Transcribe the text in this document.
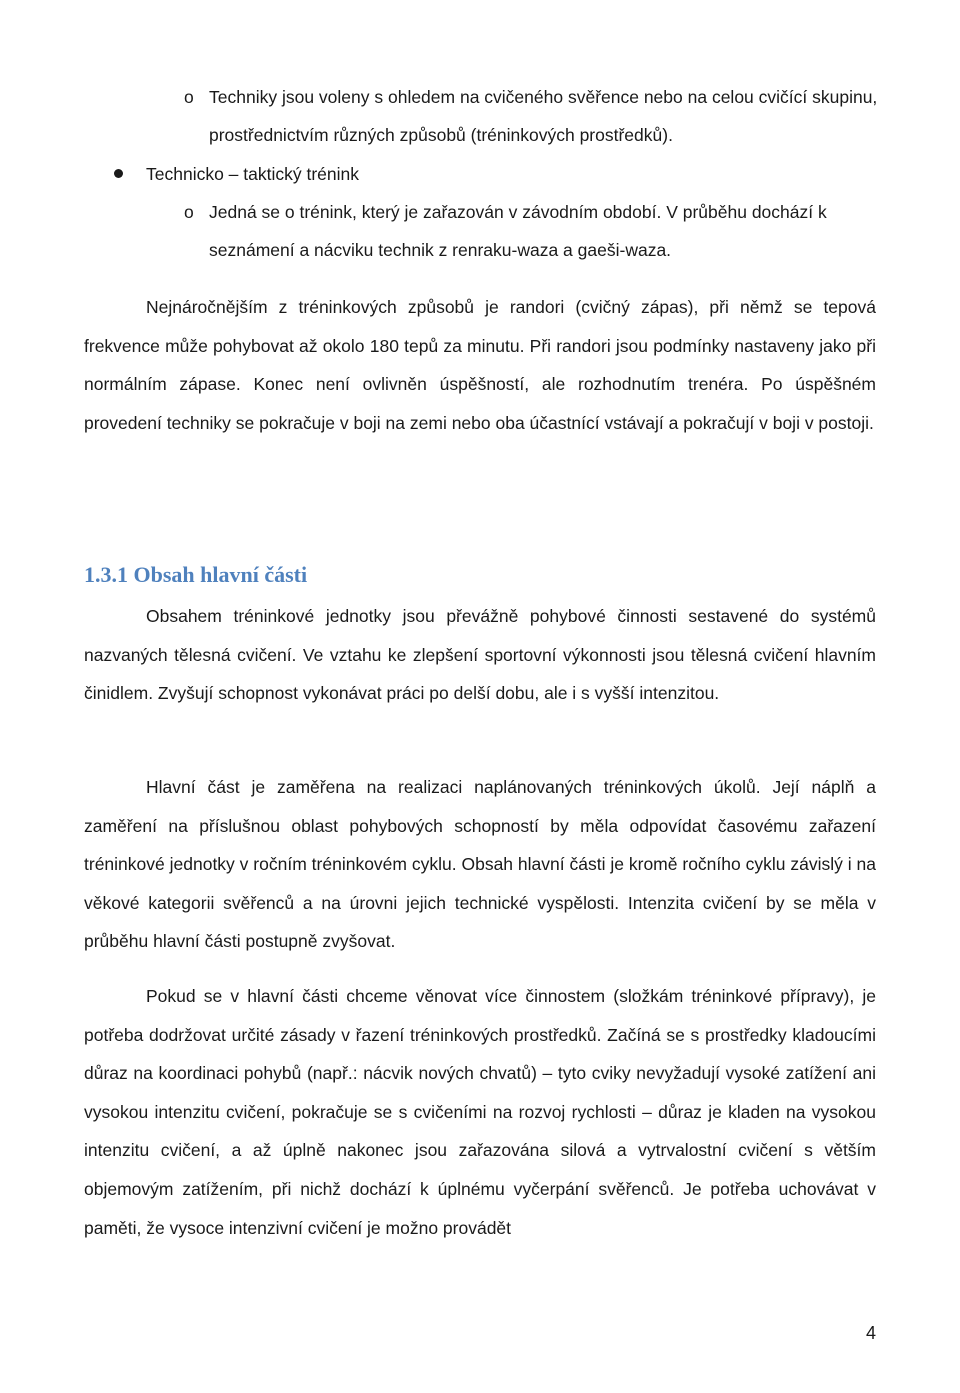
o Techniky jsou voleny s ohledem na cvičeného svěřence nebo na celou cvičící skupinu, prostřednictvím různých způsobů (tréninkových prostředků).
Technicko – taktický trénink
o Jedná se o trénink, který je zařazován v závodním období. V průběhu dochází k seznámení a nácviku technik z renraku-waza a gaeši-waza.

Nejnáročnějším z tréninkových způsobů je randori (cvičný zápas), při němž se tepová frekvence může pohybovat až okolo 180 tepů za minutu. Při randori jsou podmínky nastaveny jako při normálním zápase. Konec není ovlivněn úspěšností, ale rozhodnutím trenéra. Po úspěšném provedení techniky se pokračuje v boji na zemi nebo oba účastnící vstávají a pokračují v boji v postoji.

1.3.1 Obsah hlavní části

Obsahem tréninkové jednotky jsou převážně pohybové činnosti sestavené do systémů nazvaných tělesná cvičení. Ve vztahu ke zlepšení sportovní výkonnosti jsou tělesná cvičení hlavním činidlem. Zvyšují schopnost vykonávat práci po delší dobu, ale i s vyšší intenzitou.

Hlavní část je zaměřena na realizaci naplánovaných tréninkových úkolů. Její náplň a zaměření na příslušnou oblast pohybových schopností by měla odpovídat časovému zařazení tréninkové jednotky v ročním tréninkovém cyklu. Obsah hlavní části je kromě ročního cyklu závislý i na věkové kategorii svěřenců a na úrovni jejich technické vyspělosti. Intenzita cvičení by se měla v průběhu hlavní části postupně zvyšovat.

Pokud se v hlavní části chceme věnovat více činnostem (složkám tréninkové přípravy), je potřeba dodržovat určité zásady v řazení tréninkových prostředků. Začíná se s prostředky kladoucími důraz na koordinaci pohybů (např.: nácvik nových chvatů) – tyto cviky nevyžadují vysoké zatížení ani vysokou intenzitu cvičení, pokračuje se s cvičeními na rozvoj rychlosti – důraz je kladen na vysokou intenzitu cvičení, a až úplně nakonec jsou zařazována silová a vytrvalostní cvičení s větším objemovým zatížením, při nichž dochází k úplnému vyčerpání svěřenců. Je potřeba uchovávat v paměti, že vysoce intenzivní cvičení je možno provádět

4
